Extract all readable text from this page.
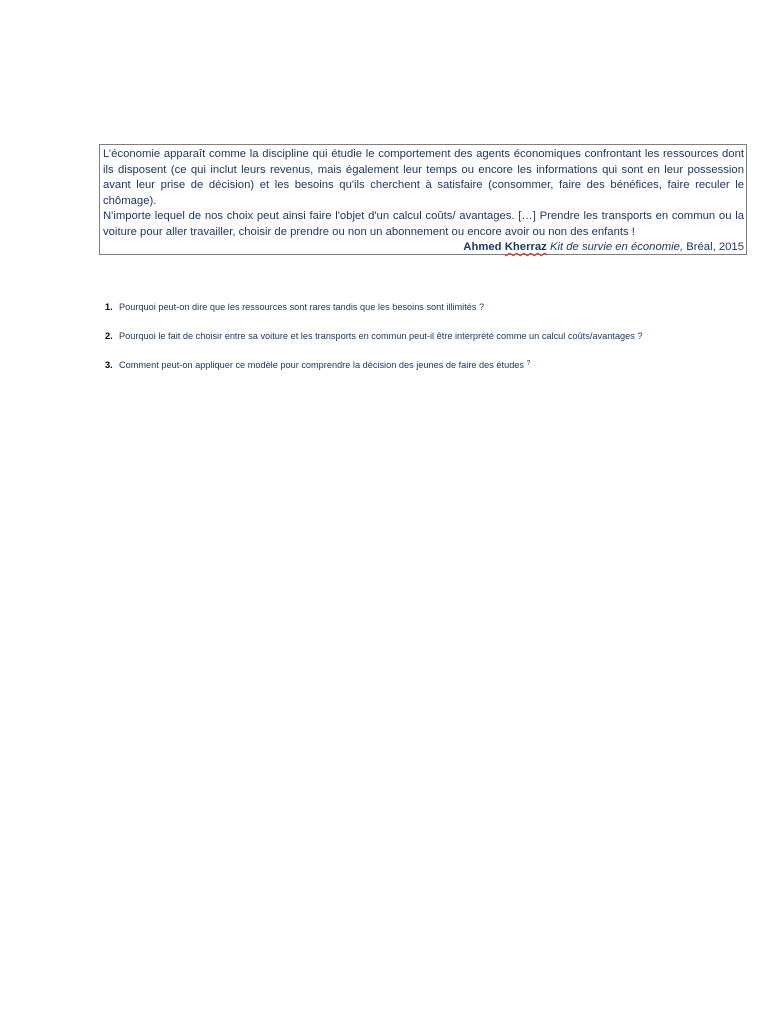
L’économie apparaît comme la discipline qui étudie le comportement des agents économiques confrontant les ressources dont ils disposent (ce qui inclut leurs revenus, mais également leur temps ou encore les informations qui sont en leur possession avant leur prise de décision) et les besoins qu'ils cherchent à satisfaire (consommer, faire des bénéfices, faire reculer le chômage).

N'importe lequel de nos choix peut ainsi faire l'objet d'un calcul coûts/ avantages. […] Prendre les transports en commun ou la voiture pour aller travailler, choisir de prendre ou non un abonnement ou encore avoir ou non des enfants !

Ahmed Kherraz Kit de survie en économie, Bréal, 2015

1. Pourquoi peut-on dire que les ressources sont rares tandis que les besoins sont illimités ?
2. Pourquoi le fait de choisir entre sa voiture et les transports en commun peut-il être interprété comme un calcul coûts/avantages ?
3. Comment peut-on appliquer ce modèle pour comprendre la décision des jeunes de faire des études
?
